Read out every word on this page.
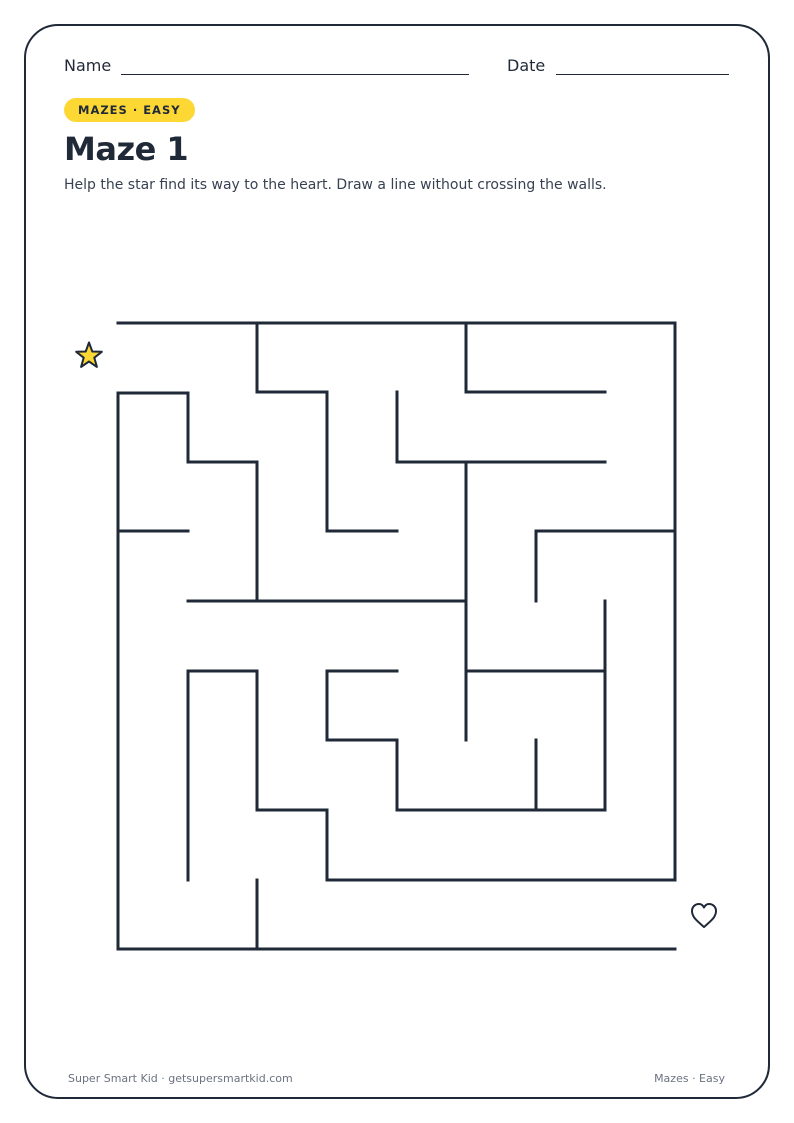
Name	Date
MAZES · EASY
Maze 1
Help the star find its way to the heart. Draw a line without crossing the walls.
Super Smart Kid · getsupersmartkid.com	Mazes · Easy
